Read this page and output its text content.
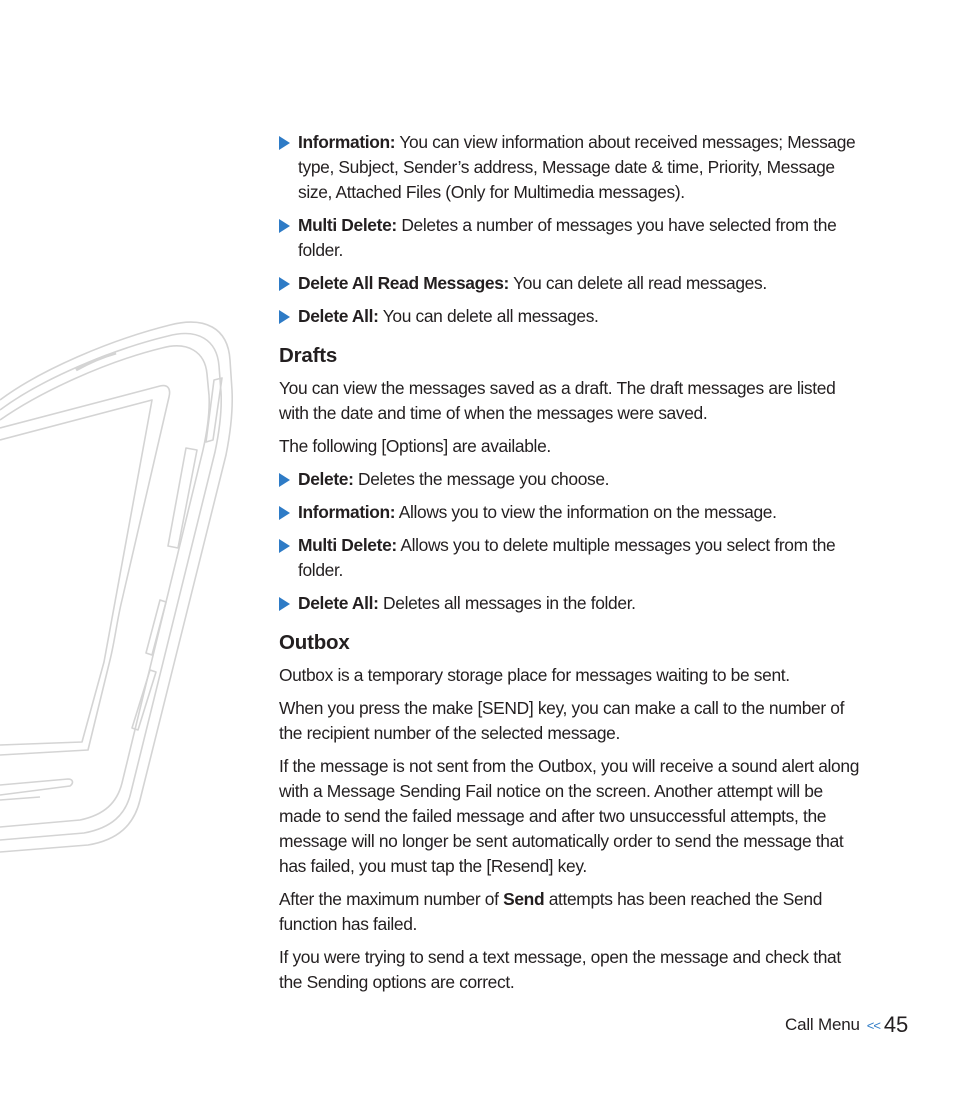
Information: You can view information about received messages; Message type, Subject, Sender’s address, Message date & time, Priority, Message size, Attached Files (Only for Multimedia messages).
Multi Delete: Deletes a number of messages you have selected from the folder.
Delete All Read Messages: You can delete all read messages.
Delete All: You can delete all messages.
Drafts

You can view the messages saved as a draft. The draft messages are listed with the date and time of when the messages were saved.

The following [Options] are available.

Delete: Deletes the message you choose.
Information: Allows you to view the information on the message.
Multi Delete: Allows you to delete multiple messages you select from the folder.
Delete All: Deletes all messages in the folder.
Outbox

Outbox is a temporary storage place for messages waiting to be sent.

When you press the make [SEND] key, you can make a call to the number of the recipient number of the selected message.

If the message is not sent from the Outbox, you will receive a sound alert along with a Message Sending Fail notice on the screen. Another attempt will be made to send the failed message and after two unsuccessful attempts, the message will no longer be sent automatically order to send the message that has failed, you must tap the [Resend] key.

After the maximum number of Send attempts has been reached the Send function has failed.

If you were trying to send a text message, open the message and check that the Sending options are correct.

Call Menu << 45
